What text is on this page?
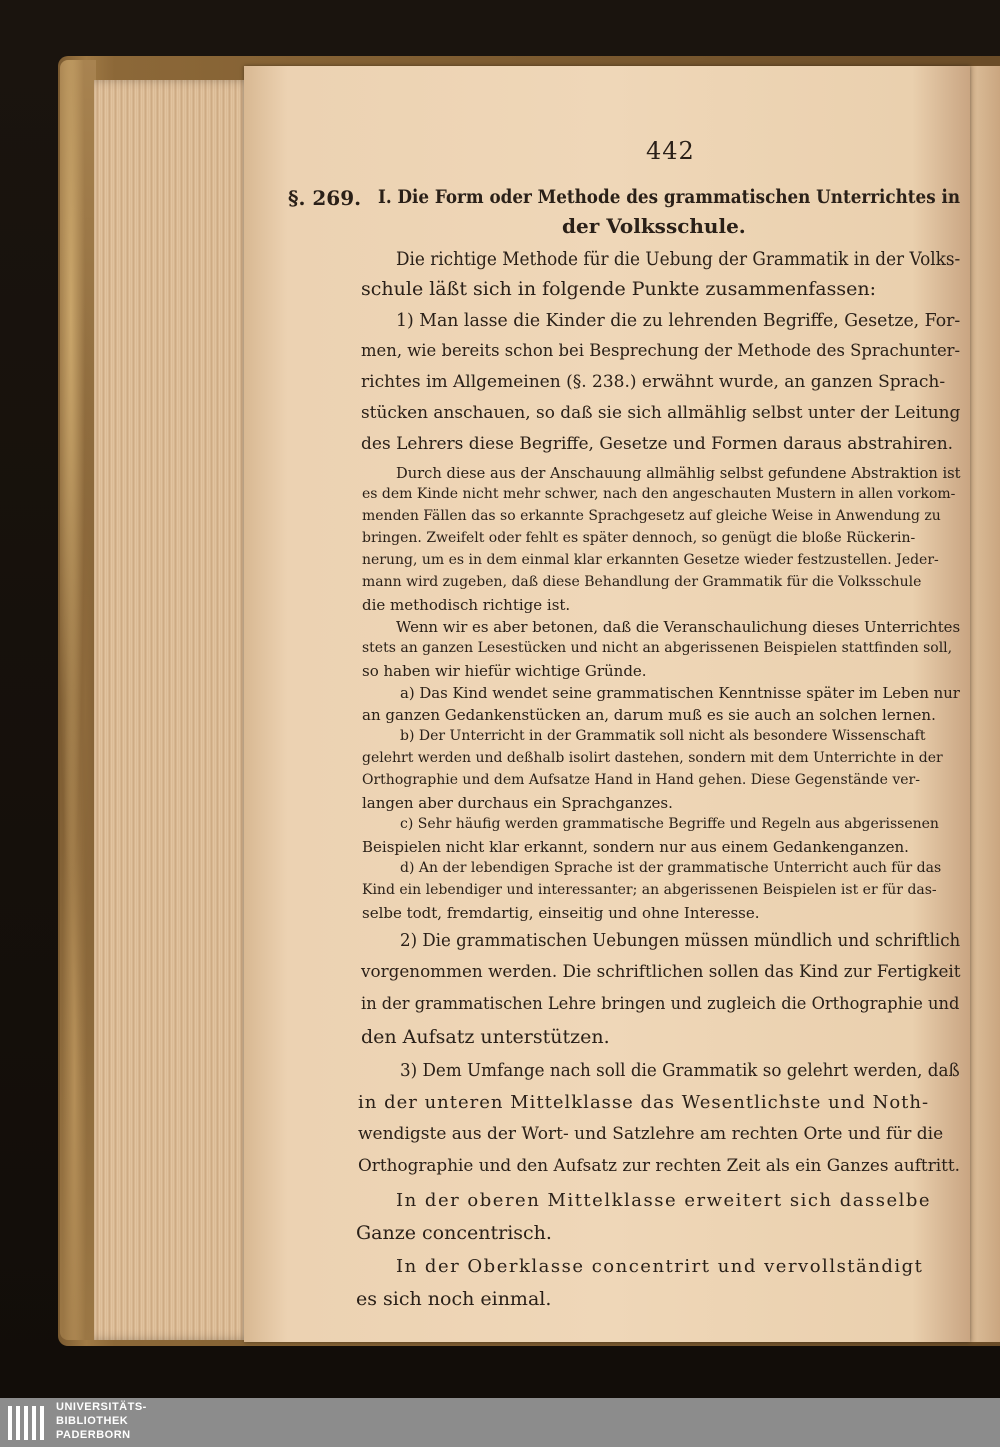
442
§. 269. I. Die Form oder Methode des grammatischen Unterrichtes in
der Volksschule.
Die richtige Methode für die Uebung der Grammatik in der Volks-
schule läßt sich in folgende Punkte zusammenfassen:
1) Man lasse die Kinder die zu lehrenden Begriffe, Gesetze, For-
men, wie bereits schon bei Besprechung der Methode des Sprachunter-
richtes im Allgemeinen (§. 238.) erwähnt wurde, an ganzen Sprach-
stücken anschauen, so daß sie sich allmählig selbst unter der Leitung
des Lehrers diese Begriffe, Gesetze und Formen daraus abstrahiren.
Durch diese aus der Anschauung allmählig selbst gefundene Abstraktion ist
es dem Kinde nicht mehr schwer, nach den angeschauten Mustern in allen vorkom-
menden Fällen das so erkannte Sprachgesetz auf gleiche Weise in Anwendung zu
bringen. Zweifelt oder fehlt es später dennoch, so genügt die bloße Rückerin-
nerung, um es in dem einmal klar erkannten Gesetze wieder festzustellen. Jeder-
mann wird zugeben, daß diese Behandlung der Grammatik für die Volksschule
die methodisch richtige ist.
Wenn wir es aber betonen, daß die Veranschaulichung dieses Unterrichtes
stets an ganzen Lesestücken und nicht an abgerissenen Beispielen stattfinden soll,
so haben wir hiefür wichtige Gründe.
a) Das Kind wendet seine grammatischen Kenntnisse später im Leben nur
an ganzen Gedankenstücken an, darum muß es sie auch an solchen lernen.
b) Der Unterricht in der Grammatik soll nicht als besondere Wissenschaft
gelehrt werden und deßhalb isolirt dastehen, sondern mit dem Unterrichte in der
Orthographie und dem Aufsatze Hand in Hand gehen. Diese Gegenstände ver-
langen aber durchaus ein Sprachganzes.
c) Sehr häufig werden grammatische Begriffe und Regeln aus abgerissenen
Beispielen nicht klar erkannt, sondern nur aus einem Gedankenganzen.
d) An der lebendigen Sprache ist der grammatische Unterricht auch für das
Kind ein lebendiger und interessanter; an abgerissenen Beispielen ist er für das-
selbe todt, fremdartig, einseitig und ohne Interesse.
2) Die grammatischen Uebungen müssen mündlich und schriftlich
vorgenommen werden. Die schriftlichen sollen das Kind zur Fertigkeit
in der grammatischen Lehre bringen und zugleich die Orthographie und
den Aufsatz unterstützen.
3) Dem Umfange nach soll die Grammatik so gelehrt werden, daß
in der unteren Mittelklasse das Wesentlichste und Noth-
wendigste aus der Wort- und Satzlehre am rechten Orte und für die
Orthographie und den Aufsatz zur rechten Zeit als ein Ganzes auftritt.
In der oberen Mittelklasse erweitert sich dasselbe
Ganze concentrisch.
In der Oberklasse concentrirt und vervollständigt
es sich noch einmal.
UNIVERSITÄTS-
BIBLIOTHEK
PADERBORN
